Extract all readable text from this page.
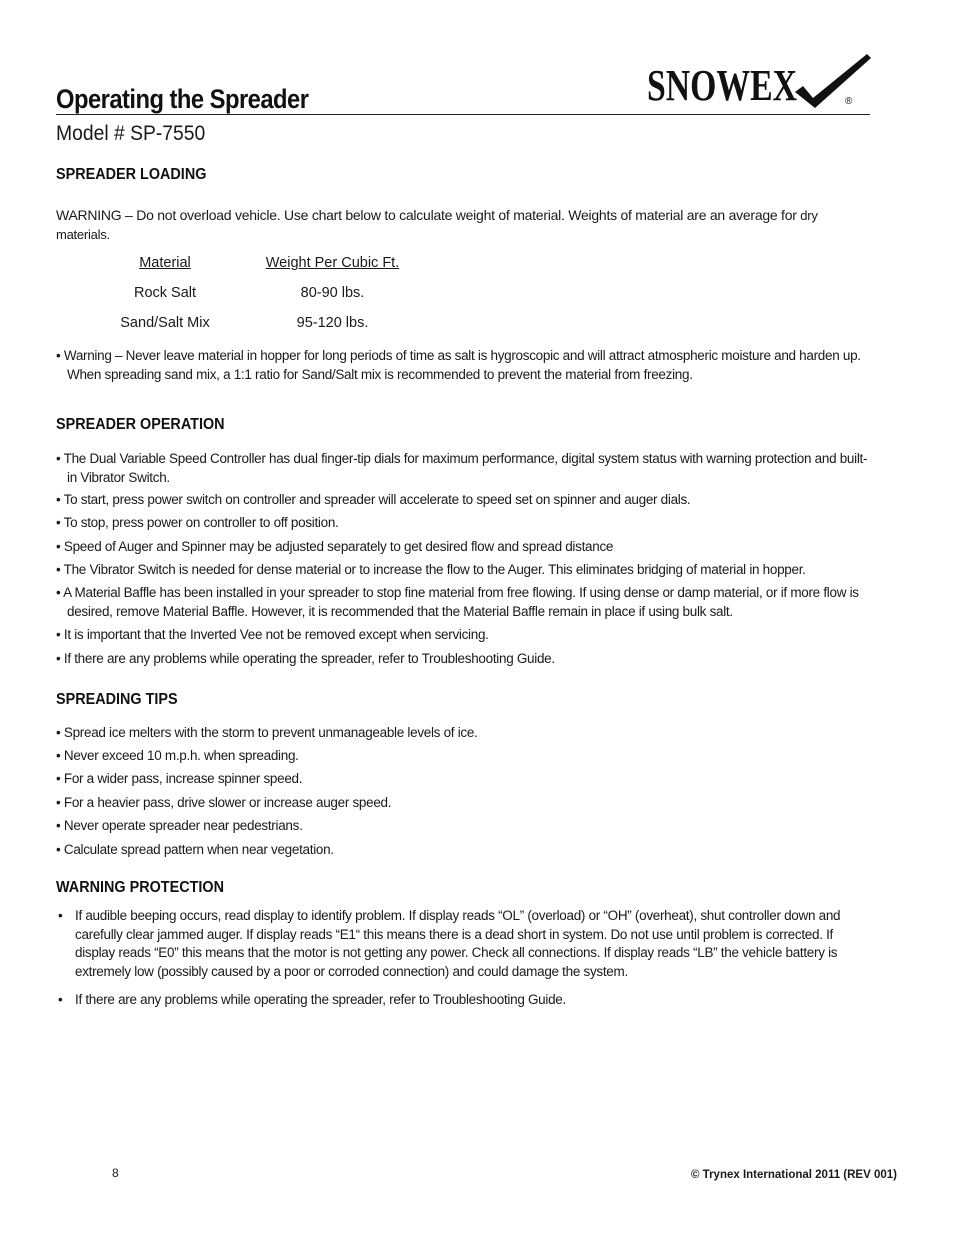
Operating the Spreader	SNOWEX	®
Model # SP-7550
SPREADER LOADING
WARNING – Do not overload vehicle. Use chart below to calculate weight of material. Weights of material are an average for dry materials.
Material	Weight Per Cubic Ft.
Rock Salt	80-90 lbs.
Sand/Salt Mix	95-120 lbs.
• Warning – Never leave material in hopper for long periods of time as salt is hygroscopic and will attract atmospheric moisture and harden up. When spreading sand mix, a 1:1 ratio for Sand/Salt mix is recommended to prevent the material from freezing.
SPREADER OPERATION
• The Dual Variable Speed Controller has dual finger-tip dials for maximum performance, digital system status with warning protection and built-in Vibrator Switch.
• To start, press power switch on controller and spreader will accelerate to speed set on spinner and auger dials.
• To stop, press power on controller to off position.
• Speed of Auger and Spinner may be adjusted separately to get desired flow and spread distance
• The Vibrator Switch is needed for dense material or to increase the flow to the Auger. This eliminates bridging of material in hopper.
• A Material Baffle has been installed in your spreader to stop fine material from free flowing. If using dense or damp material, or if more flow is desired, remove Material Baffle. However, it is recommended that the Material Baffle remain in place if using bulk salt.
• It is important that the Inverted Vee not be removed except when servicing.
• If there are any problems while operating the spreader, refer to Troubleshooting Guide.
SPREADING TIPS
• Spread ice melters with the storm to prevent unmanageable levels of ice.
• Never exceed 10 m.p.h. when spreading.
• For a wider pass, increase spinner speed.
• For a heavier pass, drive slower or increase auger speed.
• Never operate spreader near pedestrians.
• Calculate spread pattern when near vegetation.
WARNING PROTECTION
• If audible beeping occurs, read display to identify problem. If display reads “OL” (overload) or “OH” (overheat), shut controller down and carefully clear jammed auger. If display reads “E1“ this means there is a dead short in system. Do not use until problem is corrected. If display reads “E0” this means that the motor is not getting any power. Check all connections. If display reads “LB” the vehicle battery is extremely low (possibly caused by a poor or corroded connection) and could damage the system.
• If there are any problems while operating the spreader, refer to Troubleshooting Guide.
8	© Trynex International 2011 (REV 001)
